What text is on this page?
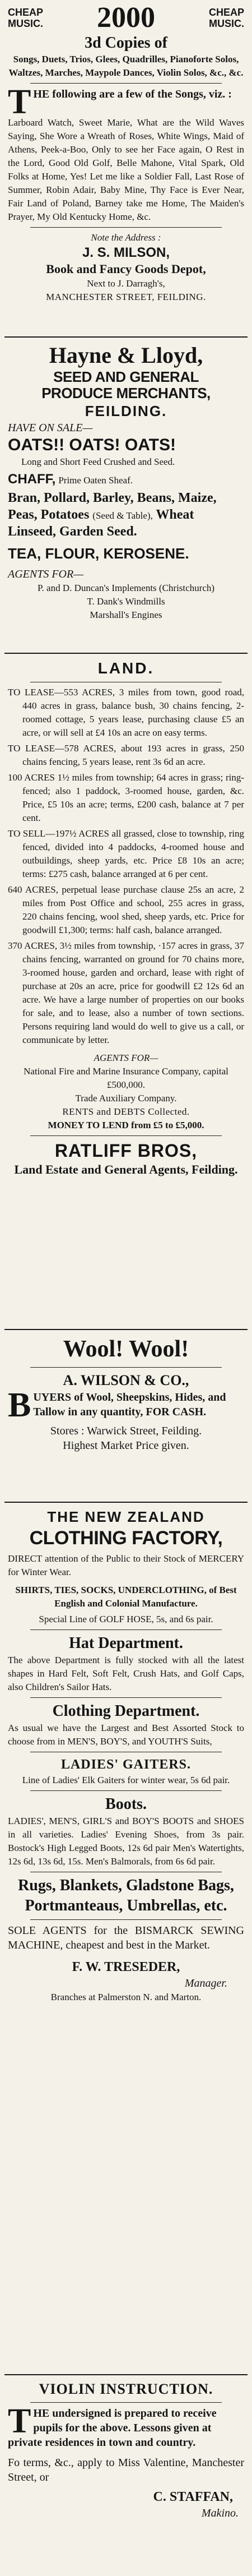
CHEAP
MUSIC. 2000	CHEAP
MUSIC.
3d Copies of

Songs, Duets, Trios, Glees, Quadrilles, Pianoforte Solos, Waltzes, Marches, Maypole Dances, Violin Solos, &c., &c.

T HE following are a few of the Songs, viz. :

Larboard Watch, Sweet Marie, What are the Wild Waves Saying, She Wore a Wreath of Roses, White Wings, Maid of Athens, Peek-a-Boo, Only to see her Face again, O Rest in the Lord, Good Old Golf, Belle Mahone, Vital Spark, Old Folks at Home, Yes! Let me like a Soldier Fall, Last Rose of Summer, Robin Adair, Baby Mine, Thy Face is Ever Near, Fair Land of Poland, Barney take me Home, The Maiden's Prayer, My Old Kentucky Home, &c.

Note the Address :
J. S. MILSON,
Book and Fancy Goods Depot,
Next to J. Darragh's,
MANCHESTER STREET, FEILDING.
Hayne & Lloyd,
SEED AND GENERAL
PRODUCE MERCHANTS,
FEILDING.
HAVE ON SALE—
OATS!! OATS! OATS!
Long and Short Feed Crushed and Seed.
CHAFF, Prime Oaten Sheaf.
Bran, Pollard, Barley, Beans, Maize, Peas, Potatoes (Seed & Table), Wheat Linseed, Garden Seed.
TEA, FLOUR, KEROSENE.
AGENTS FOR—
P. and D. Duncan's Implements (Christchurch)
T. Dank's Windmills
Marshall's Engines
LAND.

TO LEASE—553 ACRES, 3 miles from town, good road, 440 acres in grass, balance bush, 30 chains fencing, 2-roomed cottage, 5 years lease, purchasing clause £5 an acre, or will sell at £4 10s an acre on easy terms.

TO LEASE—578 ACRES, about 193 acres in grass, 250 chains fencing, 5 years lease, rent 3s 6d an acre.

100 ACRES 1½ miles from township; 64 acres in grass; ring-fenced; also 1 paddock, 3-roomed house, garden, &c. Price, £5 10s an acre; terms, £200 cash, balance at 7 per cent.

TO SELL—197½ ACRES all grassed, close to township, ring fenced, divided into 4 paddocks, 4-roomed house and outbuildings, sheep yards, etc. Price £8 10s an acre; terms: £275 cash, balance arranged at 6 per cent.

640 ACRES, perpetual lease purchase clause 25s an acre, 2 miles from Post Office and school, 255 acres in grass, 220 chains fencing, wool shed, sheep yards, etc. Price for goodwill £1,300; terms: half cash, balance arranged.

370 ACRES, 3½ miles from township, ·157 acres in grass, 37 chains fencing, warranted on ground for 70 chains more, 3-roomed house, garden and orchard, lease with right of purchase at 20s an acre, price for goodwill £2 12s 6d an acre. We have a large number of properties on our books for sale, and to lease, also a number of town sections. Persons requiring land would do well to give us a call, or communicate by letter.

AGENTS FOR—
National Fire and Marine Insurance Company, capital £500,000.
Trade Auxiliary Company.
RENTS and DEBTS Collected.
MONEY TO LEND from £5 to £5,000.
RATLIFF BROS,
Land Estate and General Agents, Feilding.
Wool! Wool!
A. WILSON & CO.,
B UYERS of Wool, Sheepskins, Hides, and Tallow in any quantity, FOR CASH.

Stores : Warwick Street, Feilding.
Highest Market Price given.
THE NEW ZEALAND
CLOTHING FACTORY,

DIRECT attention of the Public to their Stock of MERCERY for Winter Wear.

SHIRTS, TIES, SOCKS, UNDERCLOTHING, of Best English and Colonial Manufacture.

Special Line of GOLF HOSE, 5s, and 6s pair.

Hat Department.

The above Department is fully stocked with all the latest shapes in Hard Felt, Soft Felt, Crush Hats, and Golf Caps, also Children's Sailor Hats.

Clothing Department.

As usual we have the Largest and Best Assorted Stock to choose from in MEN'S, BOY'S, and YOUTH'S Suits,

LADIES' GAITERS.

Line of Ladies' Elk Gaiters for winter wear, 5s 6d pair.

Boots.

LADIES', MEN'S, GIRL'S and BOY'S BOOTS and SHOES in all varieties. Ladies' Evening Shoes, from 3s pair. Bostock's High Legged Boots, 12s 6d pair Men's Watertights, 12s 6d, 13s 6d, 15s. Men's Balmorals, from 6s 6d pair.

Rugs, Blankets, Gladstone Bags, Portmanteaus, Umbrellas, etc.

SOLE AGENTS for the BISMARCK SEWING MACHINE, cheapest and best in the Market.

F. W. TRESEDER,
Manager.
Branches at Palmerston N. and Marton.
VIOLIN INSTRUCTION.
T HE undersigned is prepared to receive pupils for the above. Lessons given at private residences in town and country.

Fo terms, &c., apply to Miss Valentine, Manchester Street, or

C. STAFFAN,
Makino.
